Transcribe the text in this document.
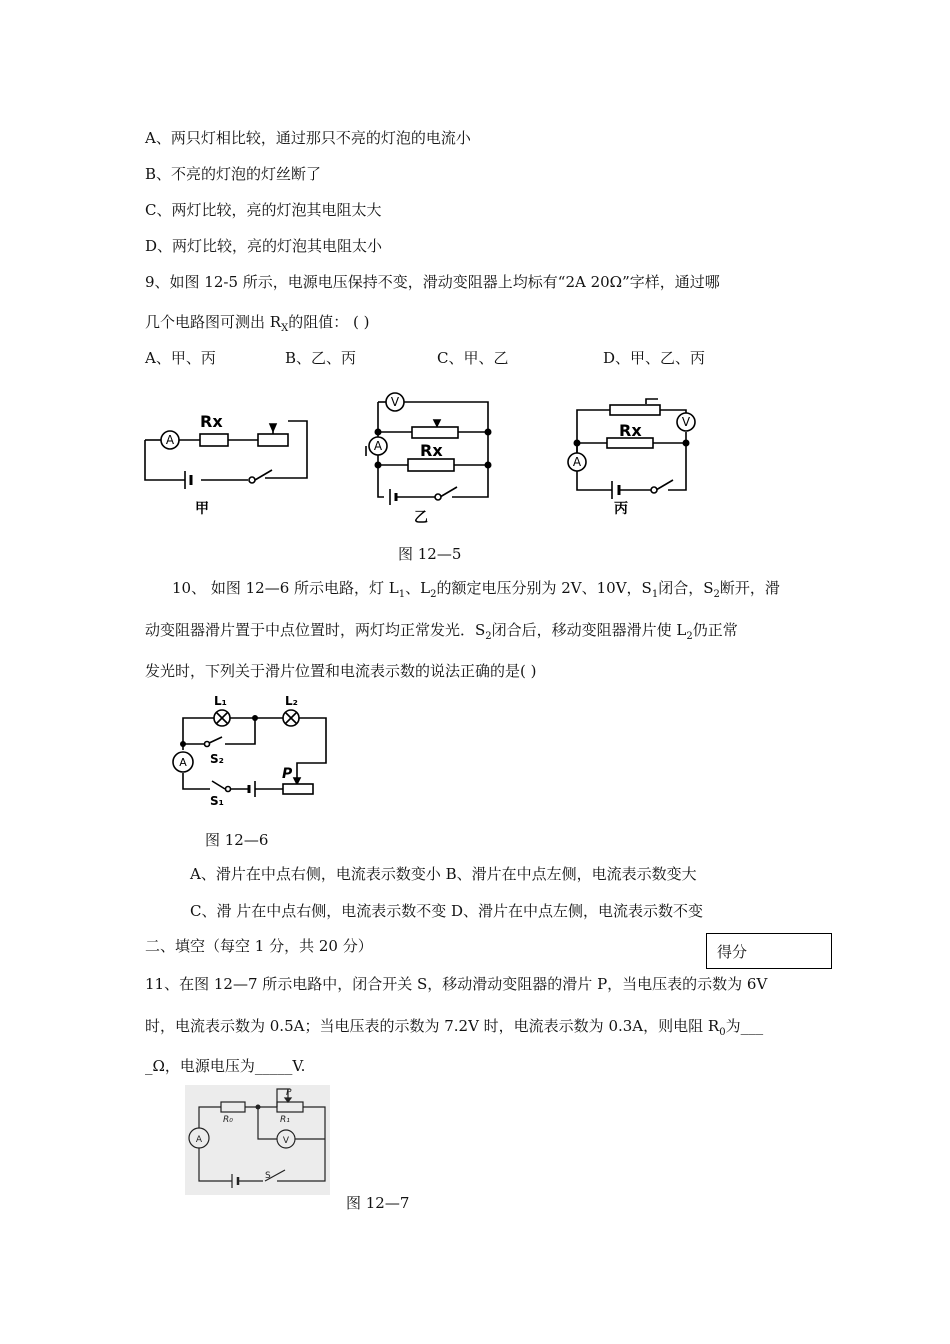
A、两只灯相比较，通过那只不亮的灯泡的电流小
B、不亮的灯泡的灯丝断了
C、两灯比较，亮的灯泡其电阻太大
D、两灯比较，亮的灯泡其电阻太小
9、如图 12-5 所示，电源电压保持不变，滑动变阻器上均标有“2A 20Ω”字样，通过哪
几个电路图可测出 $R_X$的阻值： ( )
A、甲、丙	B、乙、丙	C、甲、乙	D、甲、乙、丙
A
V
A
A
V
Rx
Rx
Rx
甲
乙
丙
图 12—5
10、 如图 12—6 所示电路，灯 $L_1$、$L_2$的额定电压分别为 2V、10V，$S_1$闭合，$S_2$断开，滑
动变阻器滑片置于中点位置时，两灯均正常发光．$S_2$闭合后，移动变阻器滑片使 $L_2$仍正常
发光时，下列关于滑片位置和电流表示数的说法正确的是( )
L₁	L₂
S₂
S₁
P
A
图 12—6
A、滑片在中点右侧，电流表示数变小 B、滑片在中点左侧，电流表示数变大
C、滑 片在中点右侧，电流表示数不变 D、滑片在中点左侧，电流表示数不变
二、填空（每空 1 分，共 20 分）	得分
11、在图 12—7 所示电路中，闭合开关 S，移动滑动变阻器的滑片 P，当电压表的示数为 6V
时，电流表示数为 0.5A；当电压表的示数为 7.2V 时，电流表示数为 0.3A，则电阻 $R_0$为___
_Ω，电源电压为_____V.
R₀	R₁
P
S
A	V
图 12—7
